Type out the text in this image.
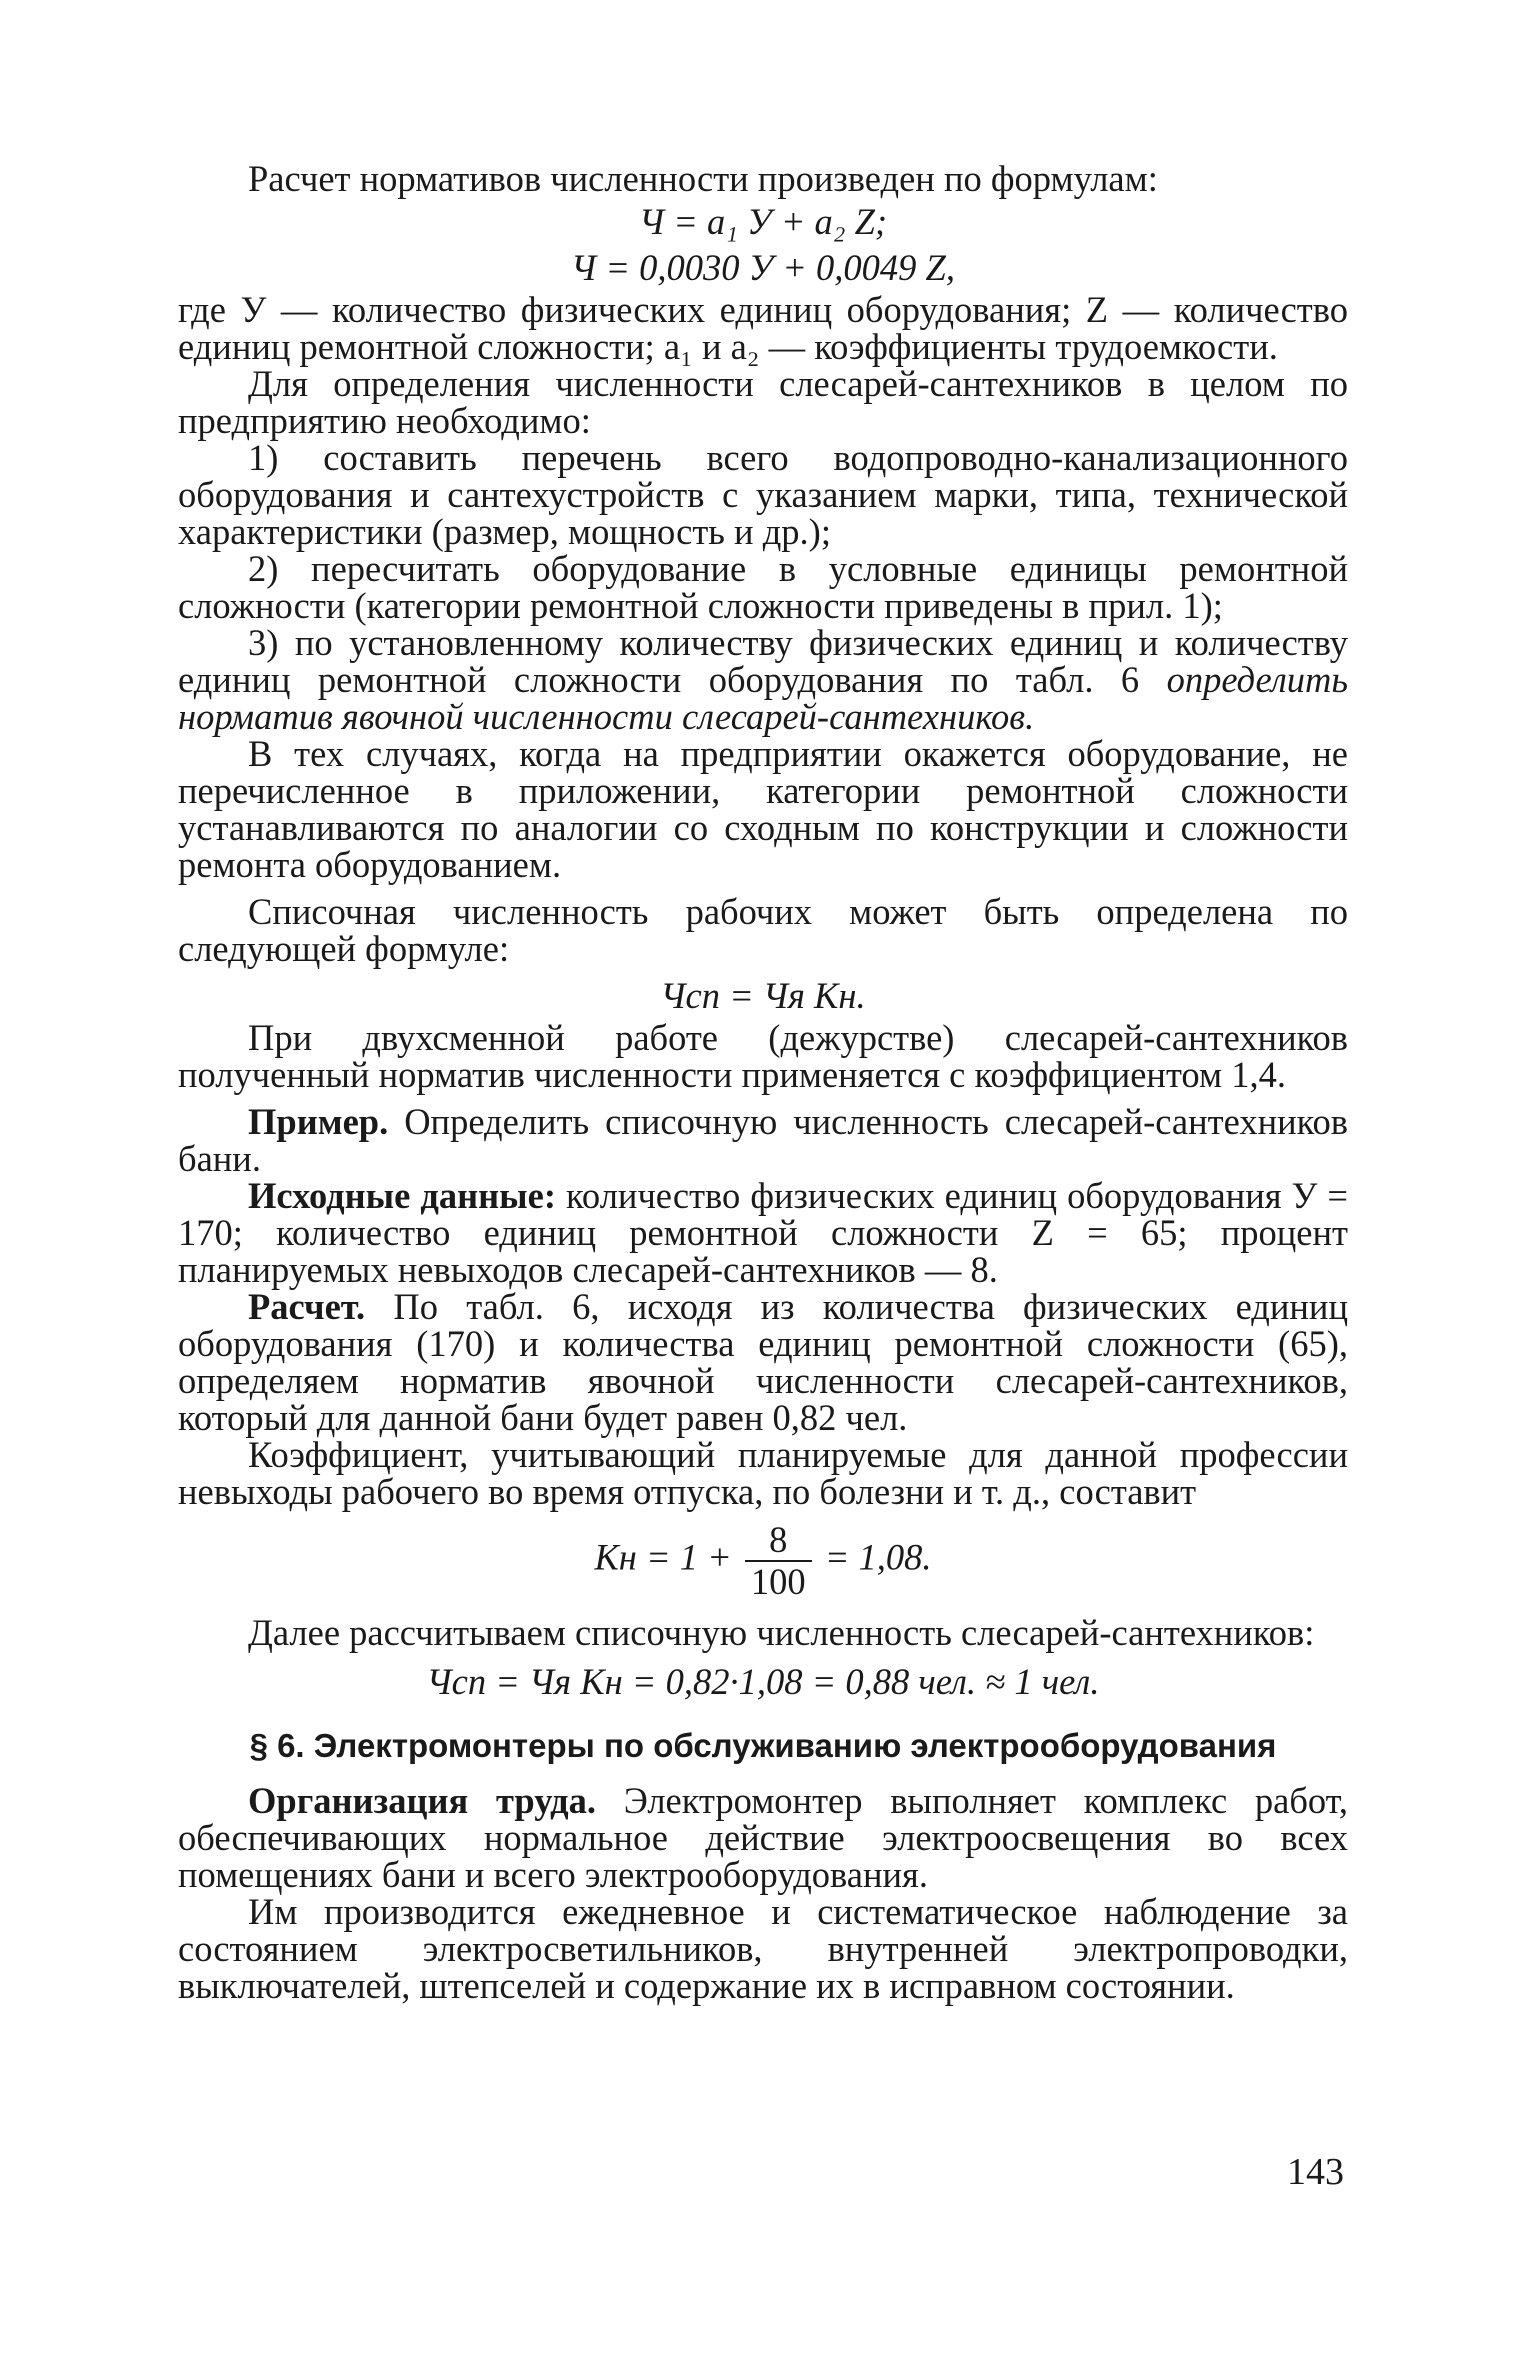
Расчет нормативов численности произведен по формулам:

Ч = a₁ У + a₂ Z;
Ч = 0,0030 У + 0,0049 Z,

где У — количество физических единиц оборудования; Z — количество единиц ремонтной сложности; a₁ и a₂ — коэффициенты трудоемкости.

Для определения численности слесарей-сантехников в целом по предприятию необходимо:

1) составить перечень всего водопроводно-канализационного оборудования и сантехустройств с указанием марки, типа, технической характеристики (размер, мощность и др.);

2) пересчитать оборудование в условные единицы ремонтной сложности (категории ремонтной сложности приведены в прил. 1);

3) по установленному количеству физических единиц и количеству единиц ремонтной сложности оборудования по табл. 6 определить норматив явочной численности слесарей-сантехников.

В тех случаях, когда на предприятии окажется оборудование, не перечисленное в приложении, категории ремонтной сложности устанавливаются по аналогии со сходным по конструкции и сложности ремонта оборудованием.

Списочная численность рабочих может быть определена по следующей формуле:

Чсп = Чя Kн.

При двухсменной работе (дежурстве) слесарей-сантехников полученный норматив численности применяется с коэффициентом 1,4.

Пример. Определить списочную численность слесарей-сантехников бани.

Исходные данные: количество физических единиц оборудования У = 170; количество единиц ремонтной сложности Z = 65; процент планируемых невыходов слесарей-сантехников — 8.

Расчет. По табл. 6, исходя из количества физических единиц оборудования (170) и количества единиц ремонтной сложности (65), определяем норматив явочной численности слесарей-сантехников, который для данной бани будет равен 0,82 чел.

Коэффициент, учитывающий планируемые для данной профессии невыходы рабочего во время отпуска, по болезни и т. д., составит

Kн = $1 + \frac{8}{100} = 1,08$.

Далее рассчитываем списочную численность слесарей-сантехников:

Чсп = Чя Kн = 0,82·1,08 = 0,88 чел. ≈ 1 чел.
§ 6. Электромонтеры по обслуживанию электрооборудования

Организация труда. Электромонтер выполняет комплекс работ, обеспечивающих нормальное действие электроосвещения во всех помещениях бани и всего электрооборудования.

Им производится ежедневное и систематическое наблюдение за состоянием электросветильников, внутренней электропроводки, выключателей, штепселей и содержание их в исправном состоянии.

143
